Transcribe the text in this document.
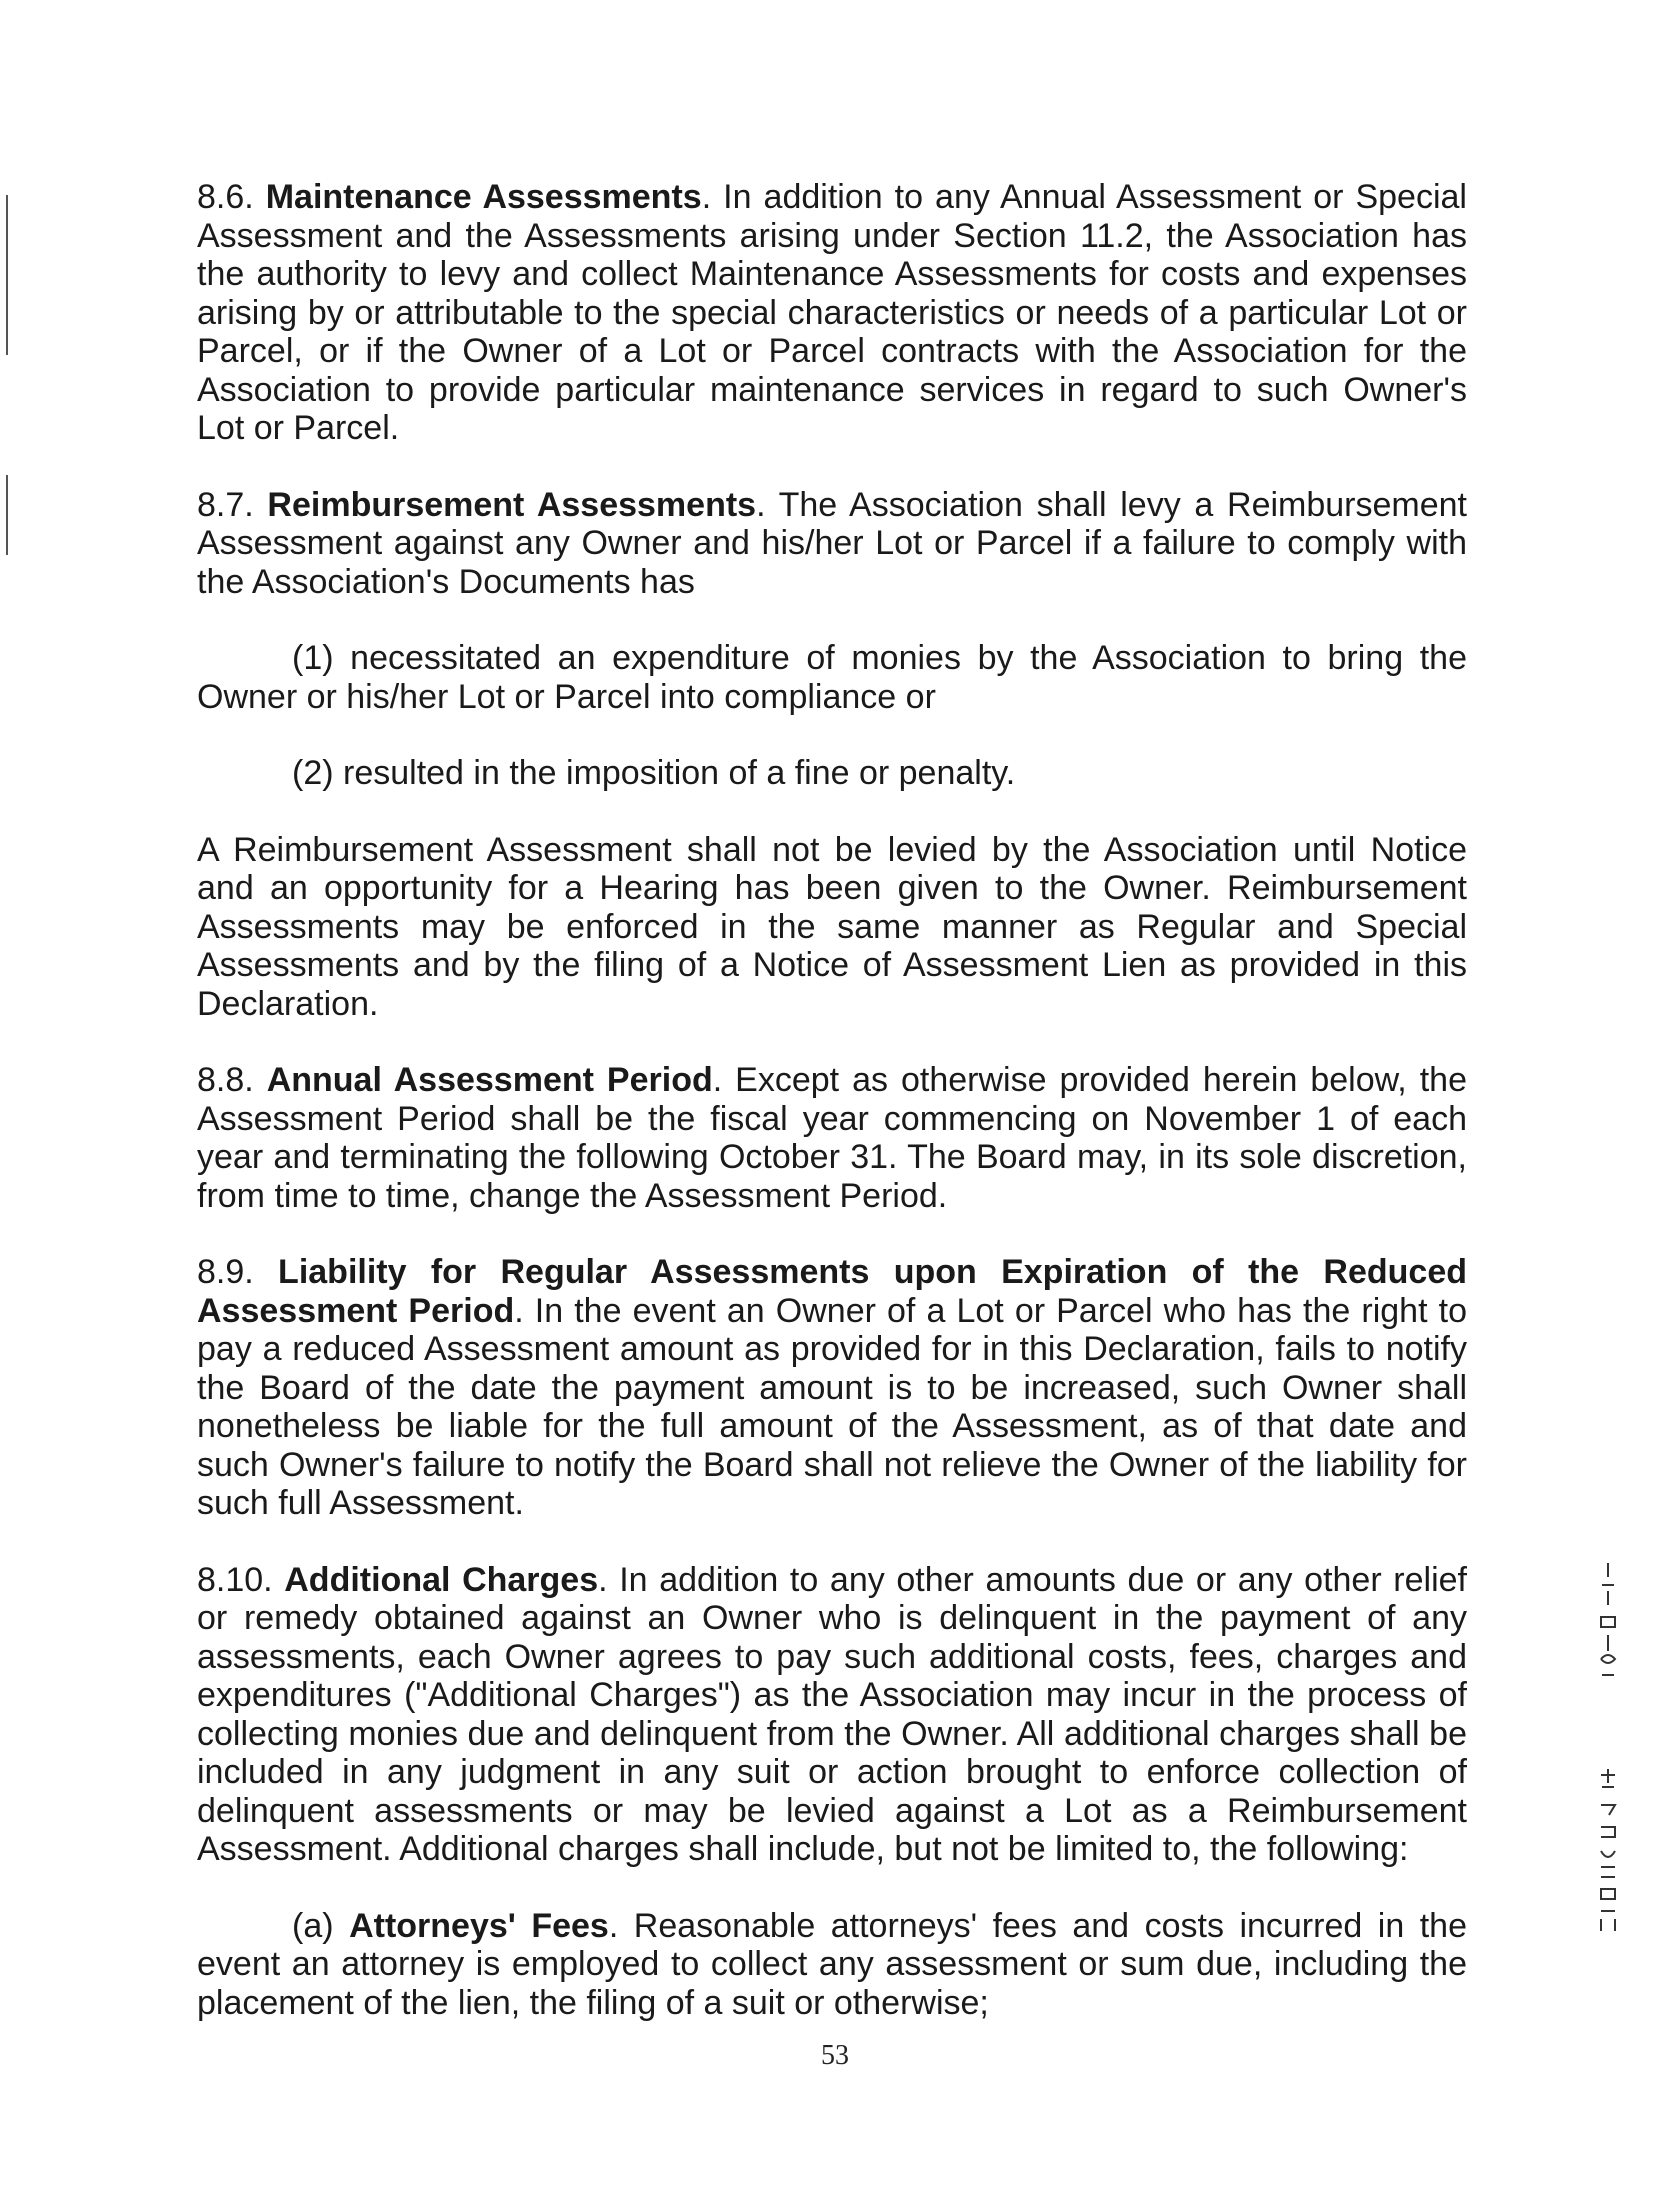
8.6. Maintenance Assessments. In addition to any Annual Assessment or Special Assessment and the Assessments arising under Section 11.2, the Association has the authority to levy and collect Maintenance Assessments for costs and expenses arising by or attributable to the special characteristics or needs of a particular Lot or Parcel, or if the Owner of a Lot or Parcel contracts with the Association for the Association to provide particular maintenance services in regard to such Owner's Lot or Parcel.

8.7. Reimbursement Assessments. The Association shall levy a Reimbursement Assessment against any Owner and his/her Lot or Parcel if a failure to comply with the Association's Documents has

(1) necessitated an expenditure of monies by the Association to bring the Owner or his/her Lot or Parcel into compliance or

(2) resulted in the imposition of a fine or penalty.

A Reimbursement Assessment shall not be levied by the Association until Notice and an opportunity for a Hearing has been given to the Owner. Reimbursement Assessments may be enforced in the same manner as Regular and Special Assessments and by the filing of a Notice of Assessment Lien as provided in this Declaration.

8.8. Annual Assessment Period. Except as otherwise provided herein below, the Assessment Period shall be the fiscal year commencing on November 1 of each year and terminating the following October 31. The Board may, in its sole discretion, from time to time, change the Assessment Period.

8.9. Liability for Regular Assessments upon Expiration of the Reduced Assessment Period. In the event an Owner of a Lot or Parcel who has the right to pay a reduced Assessment amount as provided for in this Declaration, fails to notify the Board of the date the payment amount is to be increased, such Owner shall nonetheless be liable for the full amount of the Assessment, as of that date and such Owner's failure to notify the Board shall not relieve the Owner of the liability for such full Assessment.

8.10. Additional Charges. In addition to any other amounts due or any other relief or remedy obtained against an Owner who is delinquent in the payment of any assessments, each Owner agrees to pay such additional costs, fees, charges and expenditures ("Additional Charges") as the Association may incur in the process of collecting monies due and delinquent from the Owner. All additional charges shall be included in any judgment in any suit or action brought to enforce collection of delinquent assessments or may be levied against a Lot as a Reimbursement Assessment. Additional charges shall include, but not be limited to, the following:

(a) Attorneys' Fees. Reasonable attorneys' fees and costs incurred in the event an attorney is employed to collect any assessment or sum due, including the placement of the lien, the filing of a suit or otherwise;

53
